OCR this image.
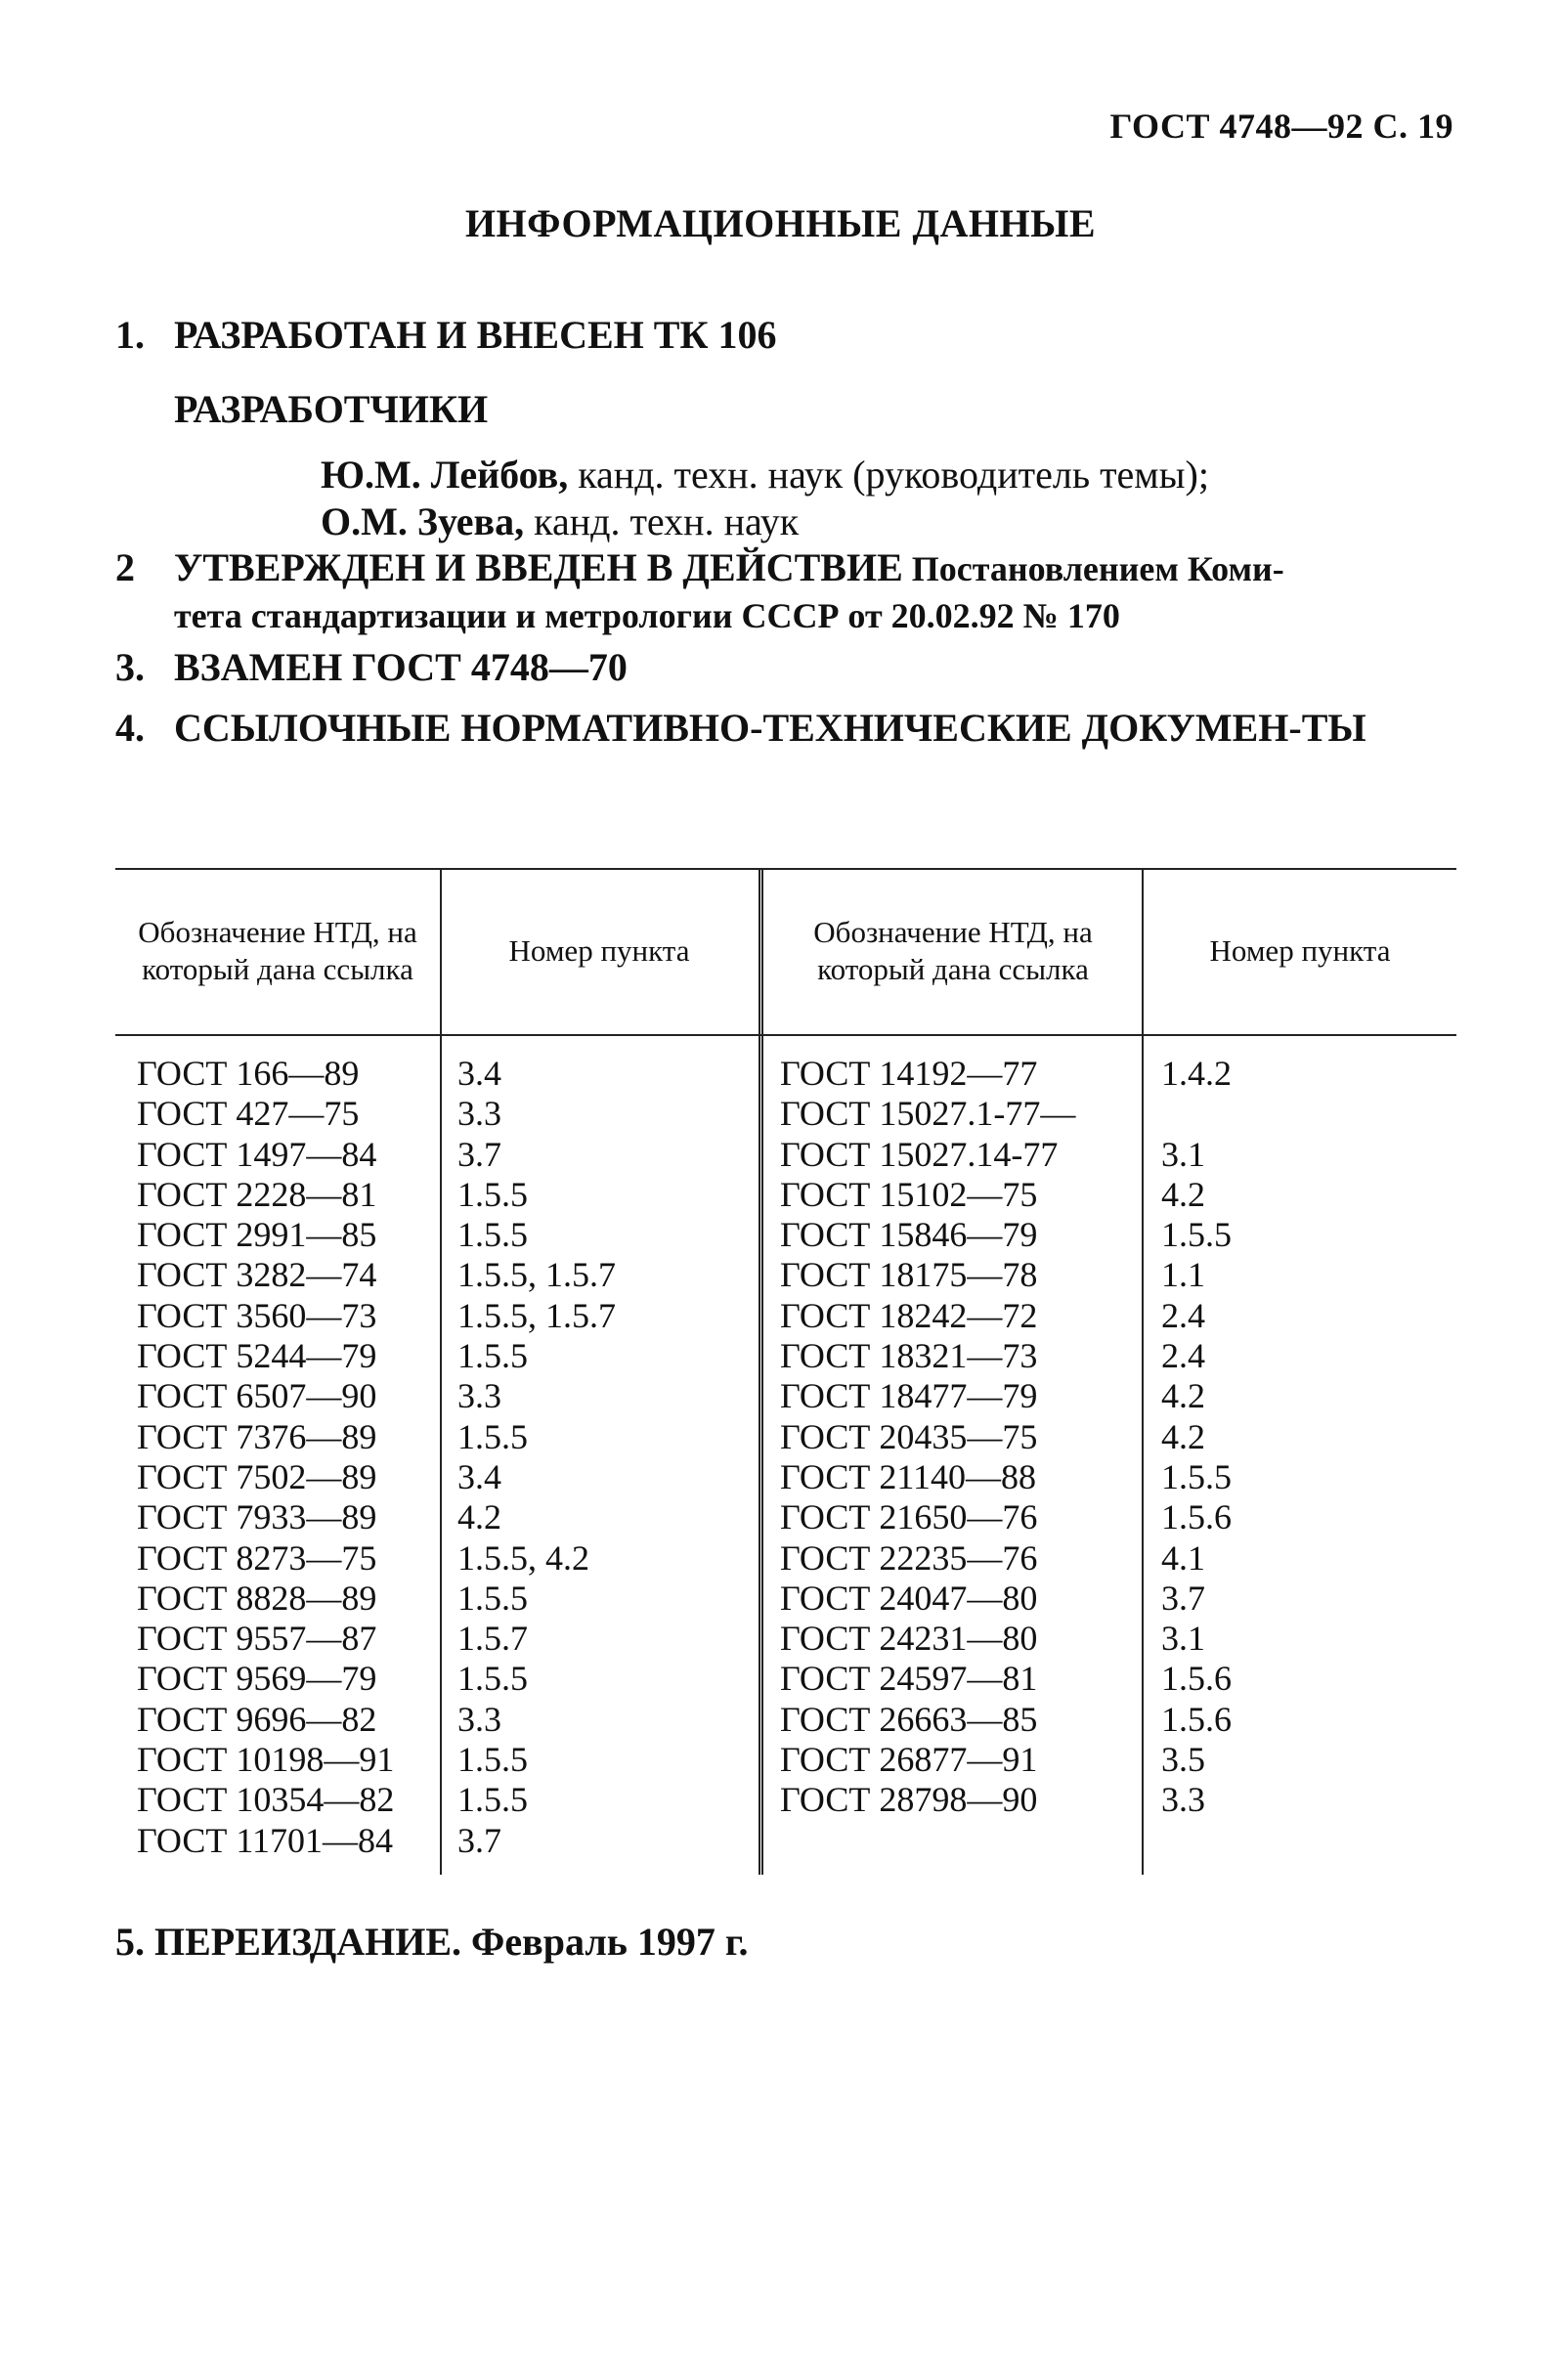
ГОСТ 4748—92 С. 19
ИНФОРМАЦИОННЫЕ ДАННЫЕ
1. РАЗРАБОТАН И ВНЕСЕН ТК 106
РАЗРАБОТЧИКИ
Ю.М. Лейбов, канд. техн. наук (руководитель темы);
О.М. Зуева, канд. техн. наук
2 УТВЕРЖДЕН И ВВЕДЕН В ДЕЙСТВИЕ Постановлением Коми-
тета стандартизации и метрологии СССР от 20.02.92 № 170
3. ВЗАМЕН ГОСТ 4748—70
4. ССЫЛОЧНЫЕ НОРМАТИВНО-ТЕХНИЧЕСКИЕ ДОКУМЕН-ТЫ
Обозначение НТД, на который дана ссылка
Номер пункта
Обозначение НТД, на который дана ссылка
Номер пункта
ГОСТ 166—89
ГОСТ 427—75
ГОСТ 1497—84
ГОСТ 2228—81
ГОСТ 2991—85
ГОСТ 3282—74
ГОСТ 3560—73
ГОСТ 5244—79
ГОСТ 6507—90
ГОСТ 7376—89
ГОСТ 7502—89
ГОСТ 7933—89
ГОСТ 8273—75
ГОСТ 8828—89
ГОСТ 9557—87
ГОСТ 9569—79
ГОСТ 9696—82
ГОСТ 10198—91
ГОСТ 10354—82
ГОСТ 11701—84
3.4
3.3
3.7
1.5.5
1.5.5
1.5.5, 1.5.7
1.5.5, 1.5.7
1.5.5
3.3
1.5.5
3.4
4.2
1.5.5, 4.2
1.5.5
1.5.7
1.5.5
3.3
1.5.5
1.5.5
3.7
ГОСТ 14192—77
ГОСТ 15027.1-77—
ГОСТ 15027.14-77
ГОСТ 15102—75
ГОСТ 15846—79
ГОСТ 18175—78
ГОСТ 18242—72
ГОСТ 18321—73
ГОСТ 18477—79
ГОСТ 20435—75
ГОСТ 21140—88
ГОСТ 21650—76
ГОСТ 22235—76
ГОСТ 24047—80
ГОСТ 24231—80
ГОСТ 24597—81
ГОСТ 26663—85
ГОСТ 26877—91
ГОСТ 28798—90
1.4.2
3.1
4.2
1.5.5
1.1
2.4
2.4
4.2
4.2
1.5.5
1.5.6
4.1
3.7
3.1
1.5.6
1.5.6
3.5
3.3
5. ПЕРЕИЗДАНИЕ. Февраль 1997 г.
